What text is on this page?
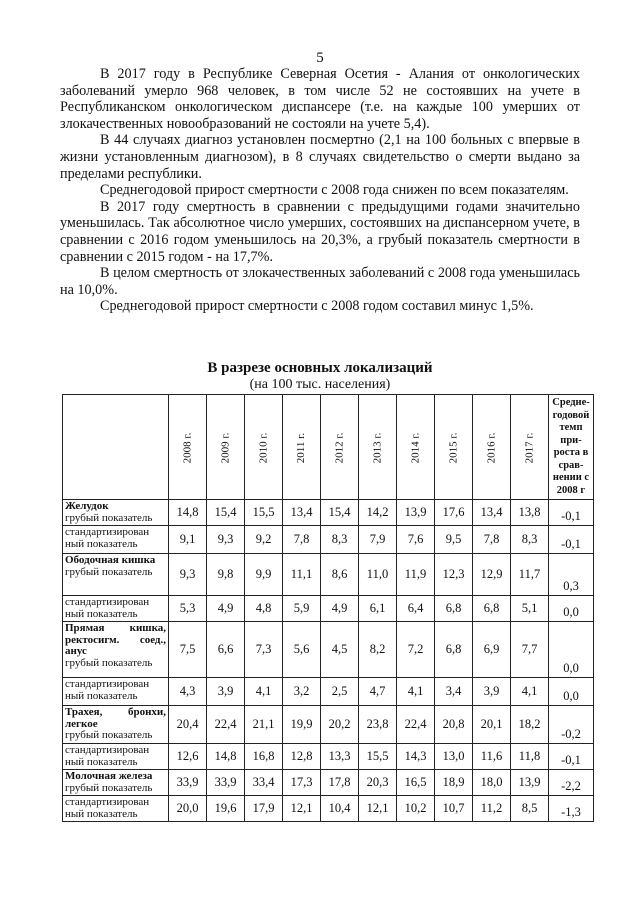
5

В 2017 году в Республике Северная Осетия - Алания от онкологических заболеваний умерло 968 человек, в том числе 52 не состоявших на учете в Республиканском онкологическом диспансере (т.е. на каждые 100 умерших от злокачественных новообразований не состояли на учете 5,4).

В 44 случаях диагноз установлен посмертно (2,1 на 100 больных с впервые в жизни установленным диагнозом), в 8 случаях свидетельство о смерти выдано за пределами республики.

Среднегодовой прирост смертности с 2008 года снижен по всем показателям.

В 2017 году смертность в сравнении с предыдущими годами значительно уменьшилась. Так абсолютное число умерших, состоявших на диспансерном учете, в сравнении с 2016 годом уменьшилось на 20,3%, а грубый показатель смертности в сравнении с 2015 годом - на 17,7%.

В целом смертность от злокачественных заболеваний с 2008 года уменьшилась на 10,0%.

Среднегодовой прирост смертности с 2008 годом составил минус 1,5%.

В разрезе основных локализаций
(на 100 тыс. населения)
	2008 г.	2009 г.	2010 г.	2011 г.	2012 г.	2013 г.	2014 г.	2015 г.	2016 г.	2017 г.	Средне-годовой темп при-роста в срав-нении с 2008 г

Желудок
грубый показатель	14,8	15,4	15,5	13,4	15,4	14,2	13,9	17,6	13,4	13,8	-0,1

стандартизирован ный показатель	9,1	9,3	9,2	7,8	8,3	7,9	7,6	9,5	7,8	8,3	-0,1

Ободочная кишка
грубый показатель	9,3	9,8	9,9	11,1	8,6	11,0	11,9	12,3	12,9	11,7	0,3

стандартизирован ный показатель	5,3	4,9	4,8	5,9	4,9	6,1	6,4	6,8	6,8	5,1	0,0

Прямая кишка, ректосигм. соед., анус
грубый показатель	7,5	6,6	7,3	5,6	4,5	8,2	7,2	6,8	6,9	7,7	0,0

стандартизирован ный показатель	4,3	3,9	4,1	3,2	2,5	4,7	4,1	3,4	3,9	4,1	0,0

Трахея, бронхи, легкое
грубый показатель	20,4	22,4	21,1	19,9	20,2	23,8	22,4	20,8	20,1	18,2	-0,2

стандартизирован ный показатель	12,6	14,8	16,8	12,8	13,3	15,5	14,3	13,0	11,6	11,8	-0,1

Молочная железа
грубый показатель	33,9	33,9	33,4	17,3	17,8	20,3	16,5	18,9	18,0	13,9	-2,2

стандартизирован ный показатель	20,0	19,6	17,9	12,1	10,4	12,1	10,2	10,7	11,2	8,5	-1,3
